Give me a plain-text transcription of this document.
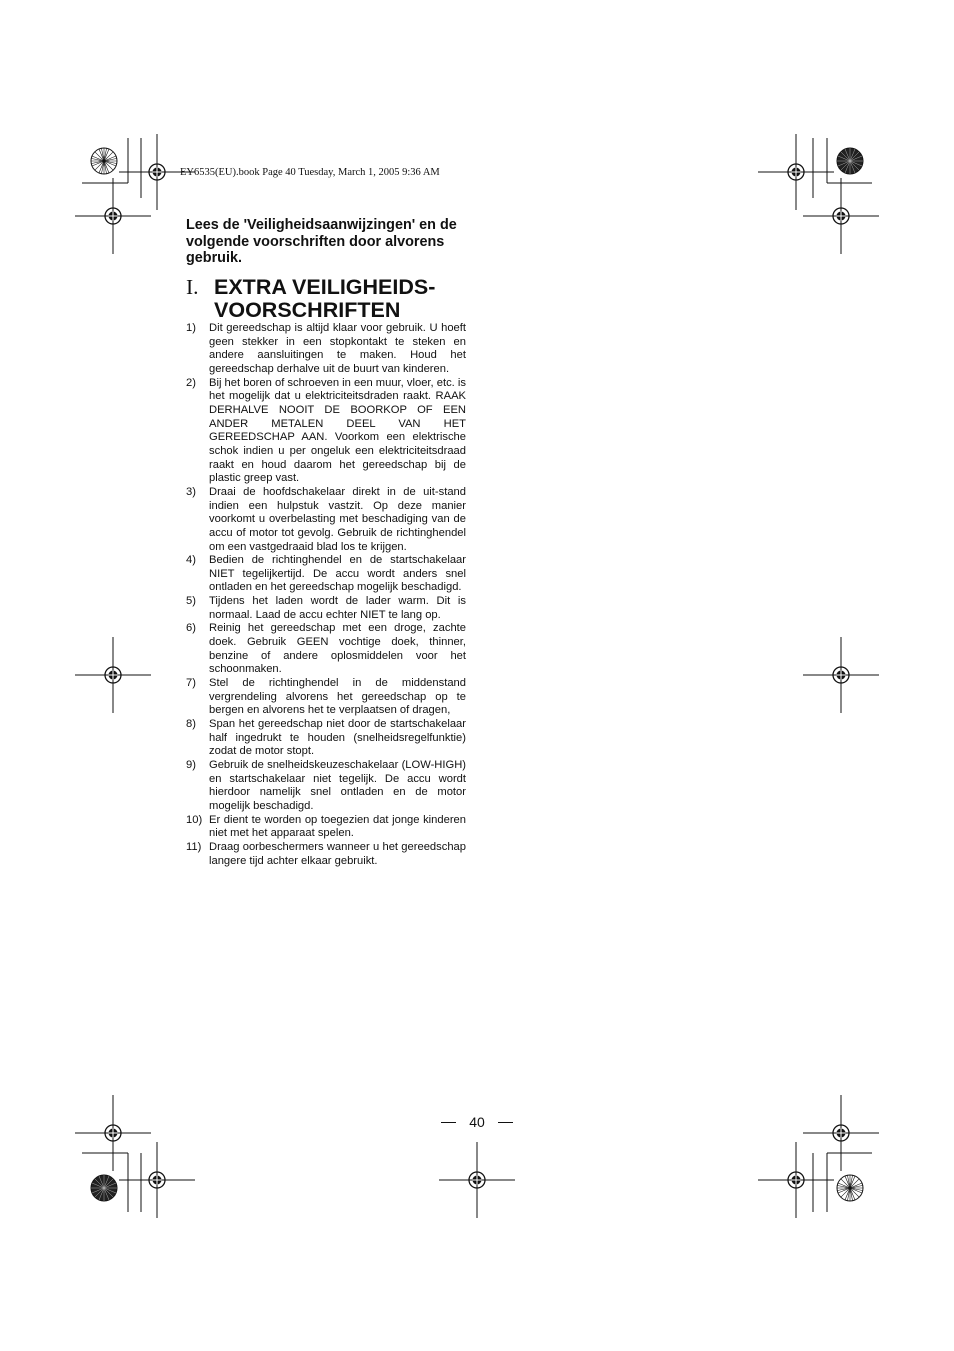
EY6535(EU).book Page 40 Tuesday, March 1, 2005 9:36 AM

Lees de 'Veiligheidsaanwijzingen' en de volgende voorschriften door alvorens gebruik.

I. EXTRA VEILIGHEIDS-VOORSCHRIFTEN
1)	Dit gereedschap is altijd klaar voor gebruik. U hoeft geen stekker in een stopkontakt te steken en andere aansluitingen te maken. Houd het gereedschap derhalve uit de buurt van kinderen.
2)	Bij het boren of schroeven in een muur, vloer, etc. is het mogelijk dat u elektriciteitsdraden raakt. RAAK DERHALVE NOOIT DE BOORKOP OF EEN ANDER METALEN DEEL VAN HET GEREEDSCHAP AAN. Voorkom een elektrische schok indien u per ongeluk een elektriciteitsdraad raakt en houd daarom het gereedschap bij de plastic greep vast.
3)	Draai de hoofdschakelaar direkt in de uit-stand indien een hulpstuk vastzit. Op deze manier voorkomt u overbelasting met beschadiging van de accu of motor tot gevolg. Gebruik de richtinghendel om een vastgedraaid blad los te krijgen.
4)	Bedien de richtinghendel en de startschakelaar NIET tegelijkertijd. De accu wordt anders snel ontladen en het gereedschap mogelijk beschadigd.
5)	Tijdens het laden wordt de lader warm. Dit is normaal. Laad de accu echter NIET te lang op.
6)	Reinig het gereedschap met een droge, zachte doek. Gebruik GEEN vochtige doek, thinner, benzine of andere oplosmiddelen voor het schoonmaken.
7)	Stel de richtinghendel in de middenstand vergrendeling alvorens het gereedschap op te bergen en alvorens het te verplaatsen of dragen,
8)	Span het gereedschap niet door de startschakelaar half ingedrukt te houden (snelheidsregelfunktie) zodat de motor stopt.
9)	Gebruik de snelheidskeuzeschakelaar (LOW-HIGH) en startschakelaar niet tegelijk. De accu wordt hierdoor namelijk snel ontladen en de motor mogelijk beschadigd.
10) Er dient te worden op toegezien dat jonge kinderen niet met het apparaat spelen.
11) Draag oorbeschermers wanneer u het gereedschap langere tijd achter elkaar gebruikt.
40
